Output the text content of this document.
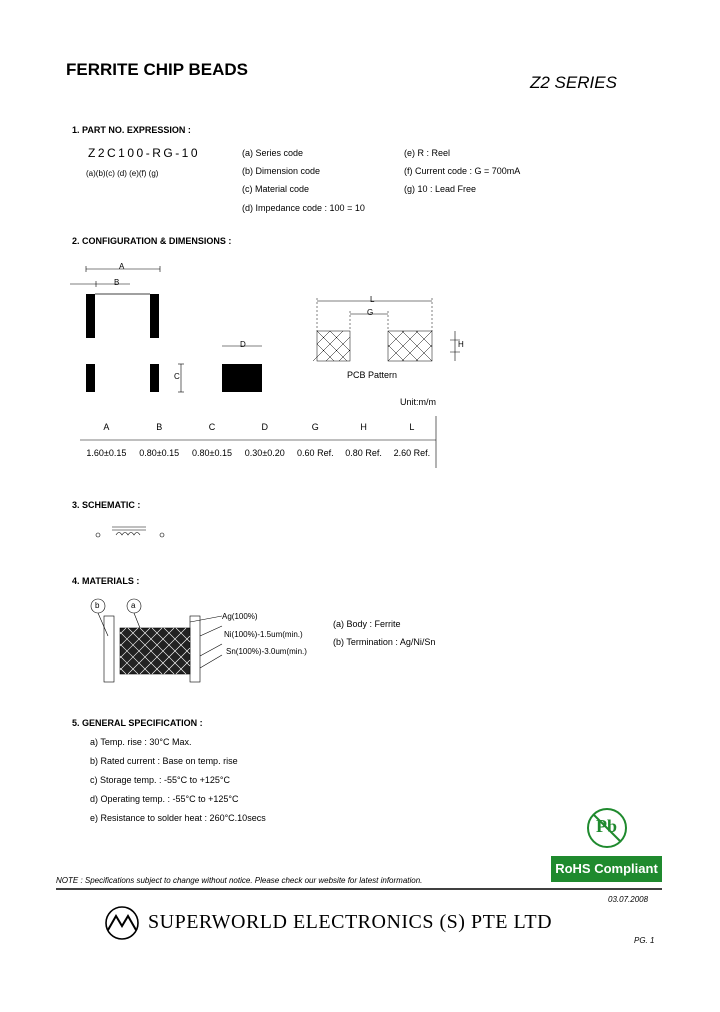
FERRITE CHIP BEADS
Z2 SERIES
1. PART NO. EXPRESSION :
Z2C100-RG-10
(a)(b)(c) (d) (e)(f) (g)
(a) Series code
(b) Dimension code
(c) Material code
(d) Impedance code : 100 = 10
(e) R : Reel
(f) Current code : G = 700mA
(g) 10 : Lead Free
2. CONFIGURATION & DIMENSIONS :
A
B
C
D
L
G
H
PCB Pattern
Unit:m/m
A	B	C	D	G	H	L
1.60±0.15	0.80±0.15	0.80±0.15	0.30±0.20	0.60 Ref.	0.80 Ref.	2.60 Ref.
3. SCHEMATIC :
4. MATERIALS :
b	a
Ag(100%)
Ni(100%)-1.5um(min.)
Sn(100%)-3.0um(min.)
(a) Body : Ferrite
(b) Termination : Ag/Ni/Sn
5. GENERAL SPECIFICATION :
a) Temp. rise : 30°C Max.
b) Rated current : Base on temp. rise
c) Storage temp. : -55°C to +125°C
d) Operating temp. : -55°C to +125°C
e) Resistance to solder heat : 260°C.10secs	Pb
RoHS Compliant
NOTE : Specifications subject to change without notice. Please check our website for latest information.
03.07.2008
SUPERWORLD ELECTRONICS (S) PTE LTD
PG. 1
